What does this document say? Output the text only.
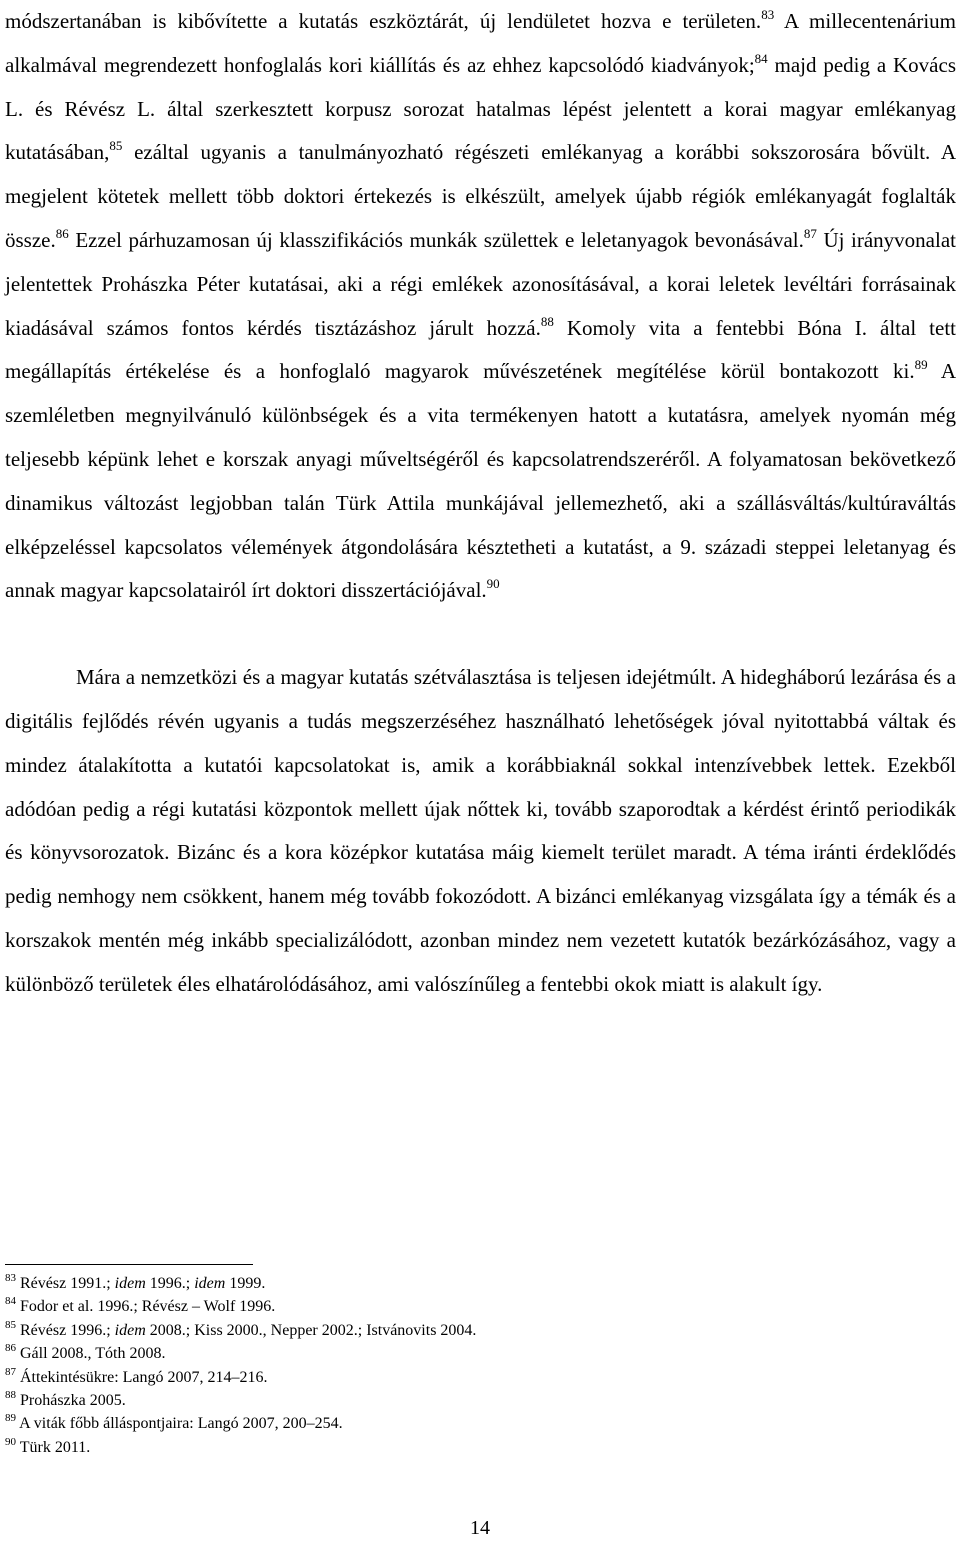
módszertanában is kibővítette a kutatás eszköztárát, új lendületet hozva e területen.$^{83}$ A millecentenárium alkalmával megrendezett honfoglalás kori kiállítás és az ehhez kapcsolódó kiadványok;$^{84}$ majd pedig a Kovács L. és Révész L. által szerkesztett korpusz sorozat hatalmas lépést jelentett a korai magyar emlékanyag kutatásában,$^{85}$ ezáltal ugyanis a tanulmányozható régészeti emlékanyag a korábbi sokszorosára bővült. A megjelent kötetek mellett több doktori értekezés is elkészült, amelyek újabb régiók emlékanyagát foglalták össze.$^{86}$ Ezzel párhuzamosan új klasszifikációs munkák születtek e leletanyagok bevonásával.$^{87}$ Új irányvonalat jelentettek Prohászka Péter kutatásai, aki a régi emlékek azonosításával, a korai leletek levéltári forrásainak kiadásával számos fontos kérdés tisztázáshoz járult hozzá.$^{88}$ Komoly vita a fentebbi Bóna I. által tett megállapítás értékelése és a honfoglaló magyarok művészetének megítélése körül bontakozott ki.$^{89}$ A szemléletben megnyilvánuló különbségek és a vita termékenyen hatott a kutatásra, amelyek nyomán még teljesebb képünk lehet e korszak anyagi műveltségéről és kapcsolatrendszeréről. A folyamatosan bekövetkező dinamikus változást legjobban talán Türk Attila munkájával jellemezhető, aki a szállásváltás/kultúraváltás elképzeléssel kapcsolatos vélemények átgondolására késztetheti a kutatást, a 9. századi steppei leletanyag és annak magyar kapcsolatairól írt doktori disszertációjával.$^{90}$

Mára a nemzetközi és a magyar kutatás szétválasztása is teljesen idejétmúlt. A hidegháború lezárása és a digitális fejlődés révén ugyanis a tudás megszerzéséhez használható lehetőségek jóval nyitottabbá váltak és mindez átalakította a kutatói kapcsolatokat is, amik a korábbiaknál sokkal intenzívebbek lettek. Ezekből adódóan pedig a régi kutatási központok mellett újak nőttek ki, tovább szaporodtak a kérdést érintő periodikák és könyvsorozatok. Bizánc és a kora középkor kutatása máig kiemelt terület maradt. A téma iránti érdeklődés pedig nemhogy nem csökkent, hanem még tovább fokozódott. A bizánci emlékanyag vizsgálata így a témák és a korszakok mentén még inkább specializálódott, azonban mindez nem vezetett kutatók bezárkózásához, vagy a különböző területek éles elhatárolódásához, ami valószínűleg a fentebbi okok miatt is alakult így.

$^{83}$ Révész 1991.; idem 1996.; idem 1999.
$^{84}$ Fodor et al. 1996.; Révész – Wolf 1996.
$^{85}$ Révész 1996.; idem 2008.; Kiss 2000., Nepper 2002.; Istvánovits 2004.
$^{86}$ Gáll 2008., Tóth 2008.
$^{87}$ Áttekintésükre: Langó 2007, 214–216.
$^{88}$ Prohászka 2005.
$^{89}$ A viták főbb álláspontjaira: Langó 2007, 200–254.
$^{90}$ Türk 2011.
14
